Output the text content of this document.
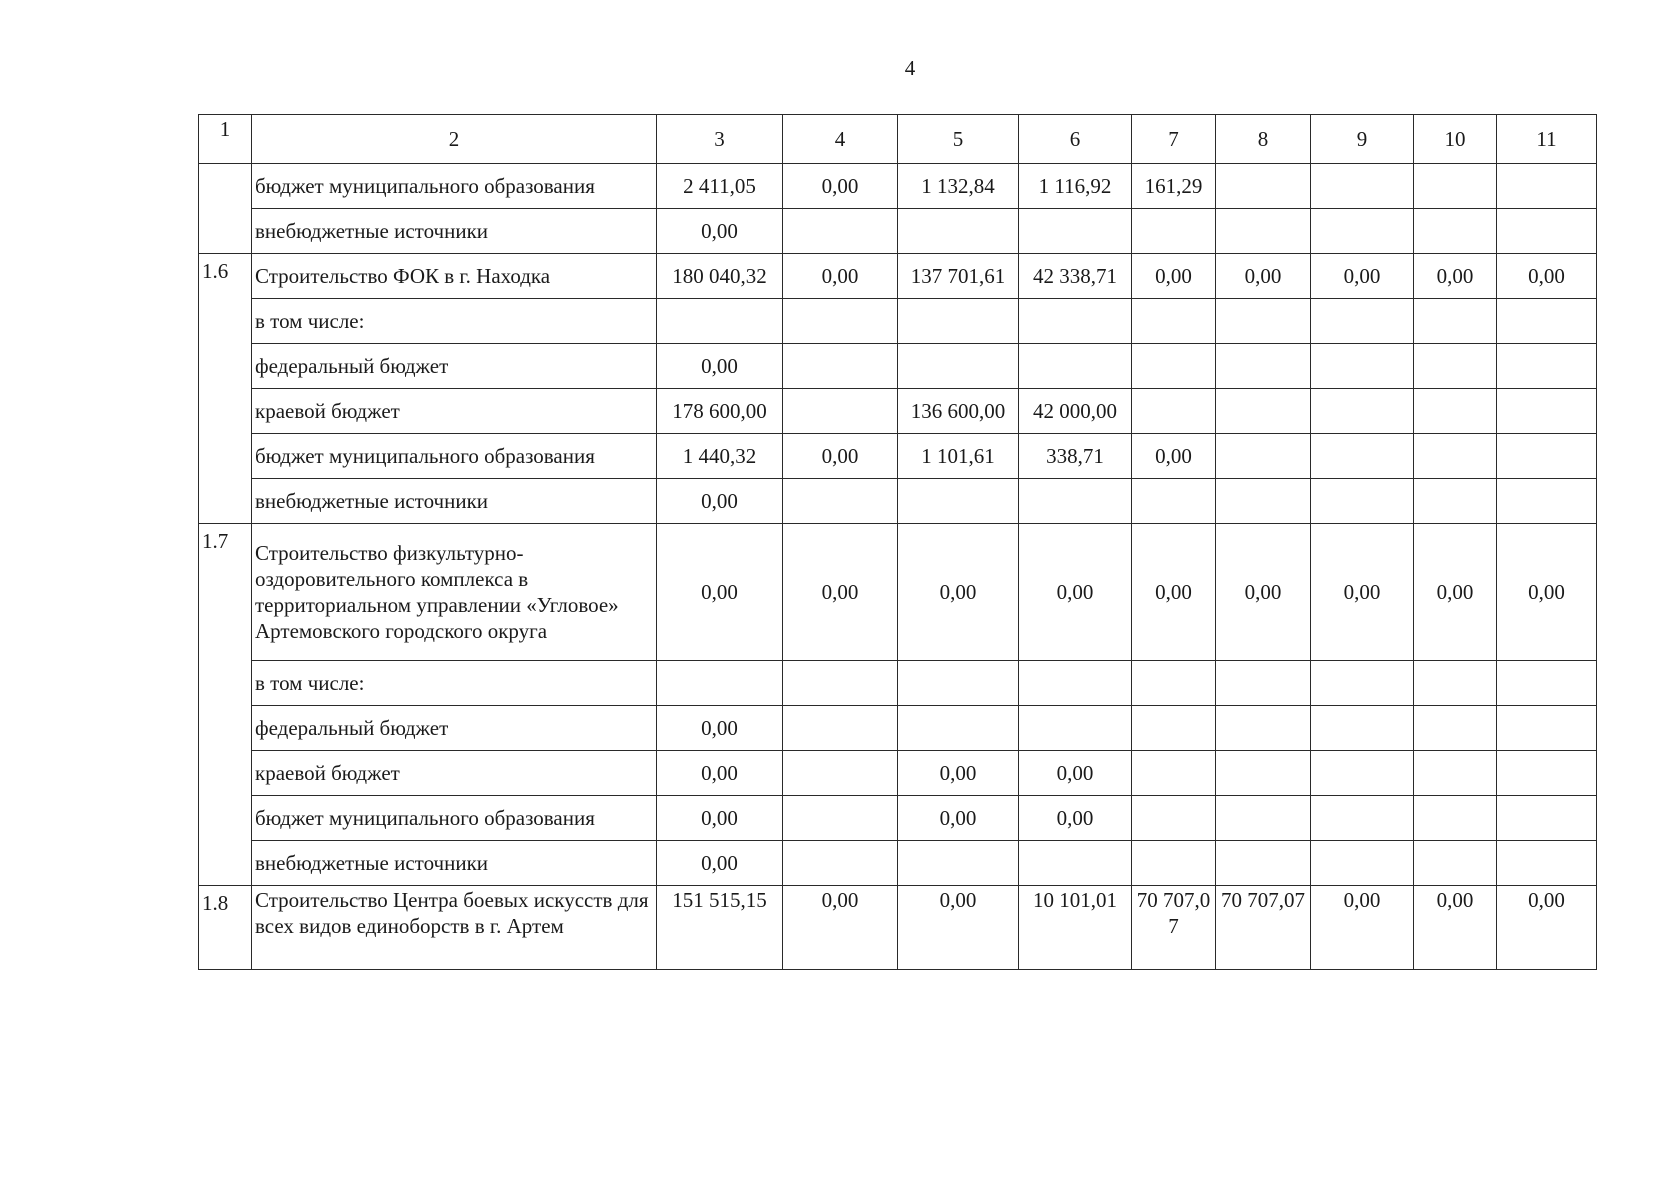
4
1	2	3	4	5	6	7	8	9	10	11
	бюджет муниципального образования	2 411,05	0,00	1 132,84	1 116,92	161,29				
	внебюджетные источники	0,00								
1.6	Строительство ФОК в г. Находка	180 040,32	0,00	137 701,61	42 338,71	0,00	0,00	0,00	0,00	0,00
	в том числе:									
	федеральный бюджет	0,00								
	краевой бюджет	178 600,00		136 600,00	42 000,00					
	бюджет муниципального образования	1 440,32	0,00	1 101,61	338,71	0,00				
	внебюджетные источники	0,00								
1.7	Строительство физкультурно-оздоровительного комплекса в территориальном управлении «Угловое» Артемовского городского округа	0,00	0,00	0,00	0,00	0,00	0,00	0,00	0,00	0,00
	в том числе:									
	федеральный бюджет	0,00								
	краевой бюджет	0,00		0,00	0,00					
	бюджет муниципального образования	0,00		0,00	0,00					
	внебюджетные источники	0,00								
1.8	Строительство Центра боевых искусств для всех видов единоборств в г. Артем	151 515,15	0,00	0,00	10 101,01	70 707,07	70 707,07	0,00	0,00	0,00
